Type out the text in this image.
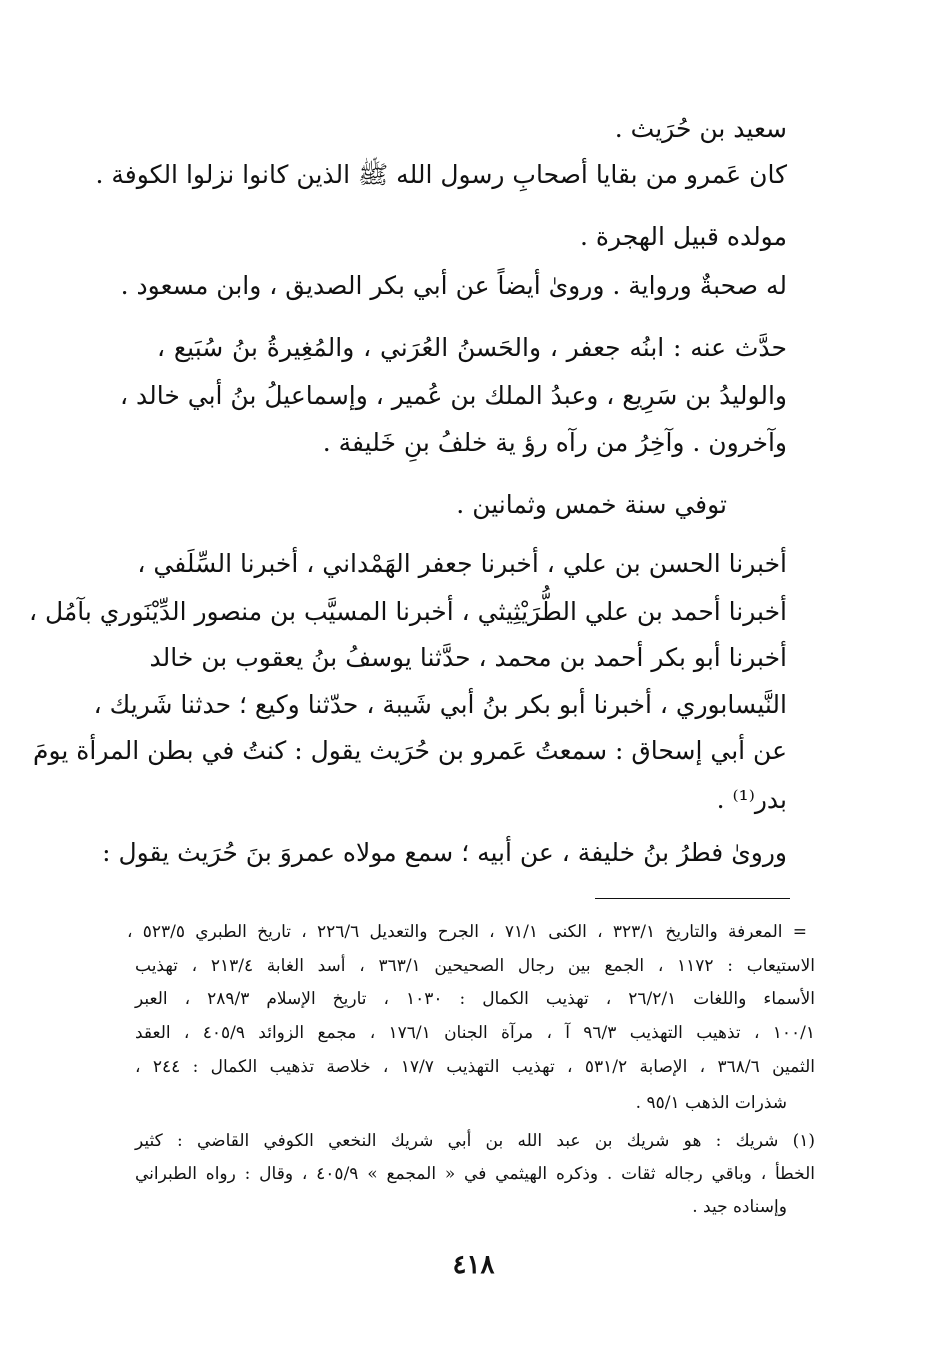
سعيد بن حُرَيث .

كان عَمرو من بقايا أصحابِ رسول الله ﷺ الذين كانوا نزلوا الكوفة .

مولده قبيل الهجرة .

له صحبةٌ ورواية . وروىٰ أيضاً عن أبي بكر الصديق ، وابن مسعود .

حدَّث عنه : ابنُه جعفر ، والحَسنُ العُرَني ، والمُغِيرةُ بنُ سُبَيع ،

والوليدُ بن سَرِيع ، وعبدُ الملك بن عُمير ، وإسماعيلُ بنُ أبي خالد ،

وآخرون . وآخِرُ من رآه رؤ ية خلفُ بنِ خَليفة .

توفي سنة خمس وثمانين .

أخبرنا الحسن بن علي ، أخبرنا جعفر الهَمْداني ، أخبرنا السِّلَفي ،

أخبرنا أحمد بن علي الطُّرَيْثِيثي ، أخبرنا المسيَّب بن منصور الدِّيْنَوري بآمُل ،

أخبرنا أبو بكر أحمد بن محمد ، حدَّثنا يوسفُ بنُ يعقوب بن خالد

النَّيسابوري ، أخبرنا أبو بكر بنُ أبي شَيبة ، حدّثنا وكيع ؛ حدثنا شَريك ،

عن أبي إسحاق : سمعتُ عَمرو بن حُرَيث يقول : كنتُ في بطن المرأة يومَ

بدر⁽¹⁾ .

وروىٰ فطرُ بنُ خليفة ، عن أبيه ؛ سمع مولاه عمروَ بنَ حُرَيث يقول :

= المعرفة والتاريخ ٣٢٣/١ ، الكنى ٧١/١ ، الجرح والتعديل ٢٢٦/٦ ، تاريخ الطبري ٥٢٣/٥ ،

الاستيعاب : ١١٧٢ ، الجمع بين رجال الصحيحين ٣٦٣/١ ، أسد الغابة ٢١٣/٤ ، تهذيب

الأسماء واللغات ٢٦/٢/١ ، تهذيب الكمال : ١٠٣٠ ، تاريخ الإسلام ٢٨٩/٣ ، العبر

١٠٠/١ ، تذهيب التهذيب ٩٦/٣ آ ، مرآة الجنان ١٧٦/١ ، مجمع الزوائد ٤٠٥/٩ ، العقد

الثمين ٣٦٨/٦ ، الإصابة ٥٣١/٢ ، تهذيب التهذيب ١٧/٧ ، خلاصة تذهيب الكمال : ٢٤٤ ،

شذرات الذهب ٩٥/١ .

(١) شريك : هو شريك بن عبد الله بن أبي شريك النخعي الكوفي القاضي : كثير

الخطأ ، وباقي رجاله ثقات . وذكره الهيثمي في « المجمع » ٤٠٥/٩ ، وقال : رواه الطبراني

وإسناده جيد .

٤١٨
